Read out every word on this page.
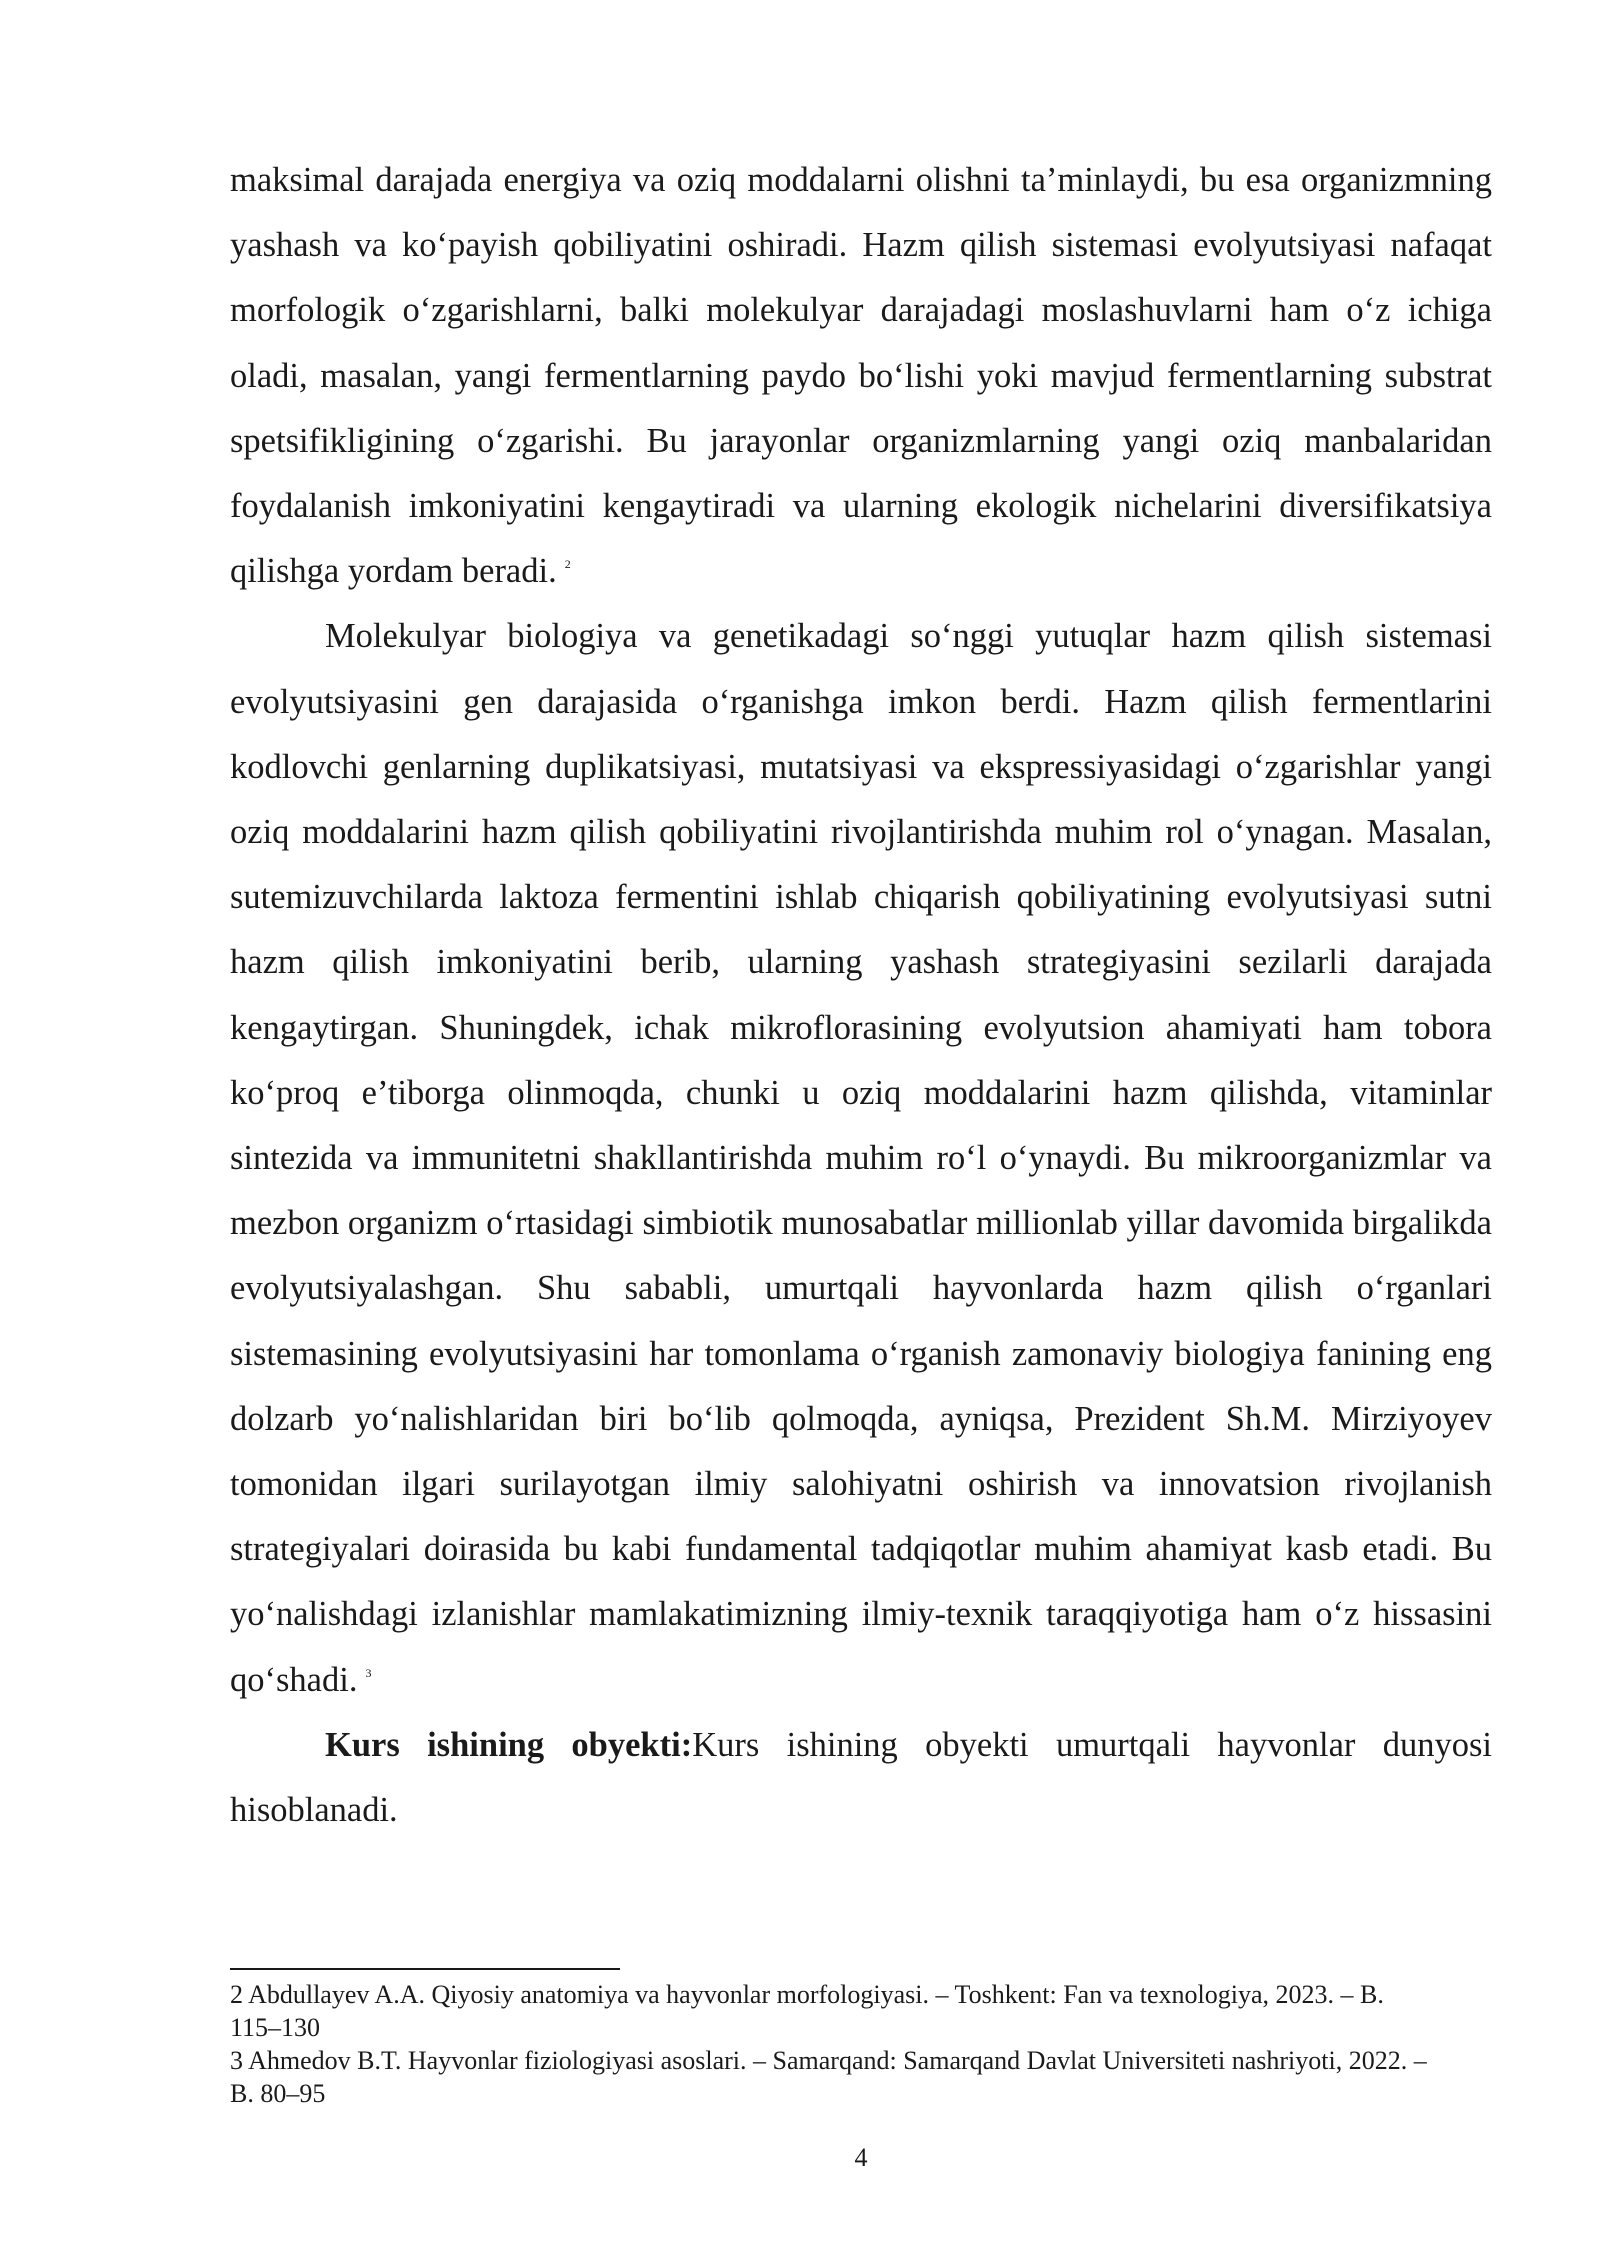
maksimal darajada energiya va oziq moddalarni olishni ta’minlaydi, bu esa organizmning yashash va ko‘payish qobiliyatini oshiradi. Hazm qilish sistemasi evolyutsiyasi nafaqat morfologik o‘zgarishlarni, balki molekulyar darajadagi moslashuvlarni ham o‘z ichiga oladi, masalan, yangi fermentlarning paydo bo‘lishi yoki mavjud fermentlarning substrat spetsifikligining o‘zgarishi. Bu jarayonlar organizmlarning yangi oziq manbalaridan foydalanish imkoniyatini kengaytiradi va ularning ekologik nichelarini diversifikatsiya qilishga yordam beradi. $^2$

Molekulyar biologiya va genetikadagi so‘nggi yutuqlar hazm qilish sistemasi evolyutsiyasini gen darajasida o‘rganishga imkon berdi. Hazm qilish fermentlarini kodlovchi genlarning duplikatsiyasi, mutatsiyasi va ekspressiyasidagi o‘zgarishlar yangi oziq moddalarini hazm qilish qobiliyatini rivojlantirishda muhim rol o‘ynagan. Masalan, sutemizuvchilarda laktoza fermentini ishlab chiqarish qobiliyatining evolyutsiyasi sutni hazm qilish imkoniyatini berib, ularning yashash strategiyasini sezilarli darajada kengaytirgan. Shuningdek, ichak mikroflorasining evolyutsion ahamiyati ham tobora ko‘proq e’tiborga olinmoqda, chunki u oziq moddalarini hazm qilishda, vitaminlar sintezida va immunitetni shakllantirishda muhim ro‘l o‘ynaydi. Bu mikroorganizmlar va mezbon organizm o‘rtasidagi simbiotik munosabatlar millionlab yillar davomida birgalikda evolyutsiyalashgan. Shu sababli, umurtqali hayvonlarda hazm qilish o‘rganlari sistemasining evolyutsiyasini har tomonlama o‘rganish zamonaviy biologiya fanining eng dolzarb yo‘nalishlaridan biri bo‘lib qolmoqda, ayniqsa, Prezident Sh.M. Mirziyoyev tomonidan ilgari surilayotgan ilmiy salohiyatni oshirish va innovatsion rivojlanish strategiyalari doirasida bu kabi fundamental tadqiqotlar muhim ahamiyat kasb etadi. Bu yo‘nalishdagi izlanishlar mamlakatimizning ilmiy-texnik taraqqiyotiga ham o‘z hissasini qo‘shadi. $^3$

Kurs ishining obyekti:Kurs ishining obyekti umurtqali hayvonlar dunyosi hisoblanadi.

2 Abdullayev A.A. Qiyosiy anatomiya va hayvonlar morfologiyasi. – Toshkent: Fan va texnologiya, 2023. – B. 115–130

3 Ahmedov B.T. Hayvonlar fiziologiyasi asoslari. – Samarqand: Samarqand Davlat Universiteti nashriyoti, 2022. – B. 80–95

4
